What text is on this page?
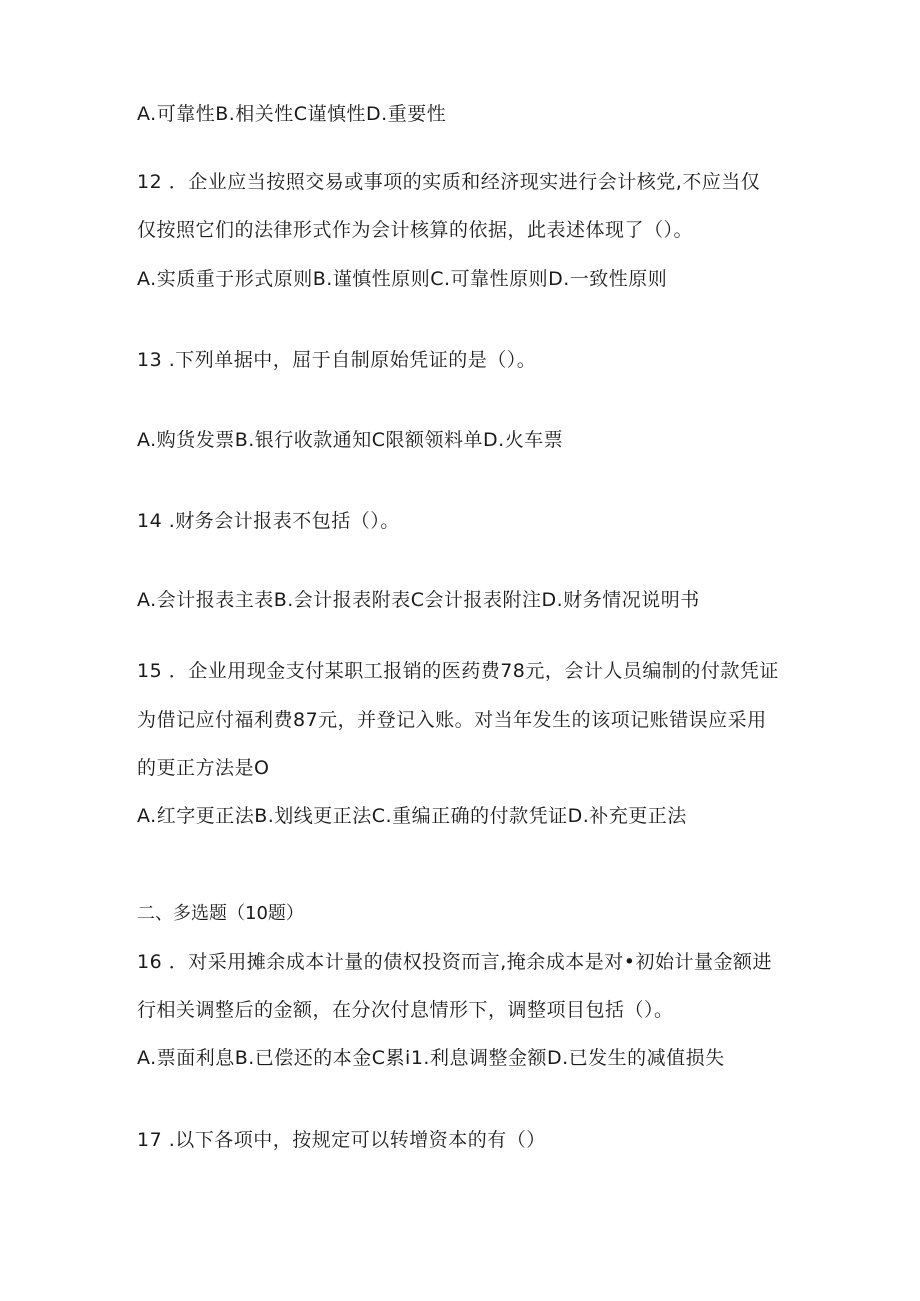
A.可靠性B.相关性C谨慎性D.重要性
12 ．企业应当按照交易或事项的实质和经济现实进行会计核党,不应当仅
仅按照它们的法律形式作为会计核算的依据，此表述体现了（）。
A.实质重于形式原则B.谨慎性原则C.可靠性原则D.一致性原则
13 .下列单据中，屈于自制原始凭证的是（）。
A.购货发票B.银行收款通知C限额领料单D.火车票
14 .财务会计报表不包括（）。
A.会计报表主表B.会计报表附表C会计报表附注D.财务情况说明书
15 ．企业用现金支付某职工报销的医药费78元，会计人员编制的付款凭证
为借记应付福利费87元，并登记入账。对当年发生的该项记账错误应采用
的更正方法是O
A.红字更正法B.划线更正法C.重编正确的付款凭证D.补充更正法
二、多选题（10题）
16 ．对采用摊余成本计量的债权投资而言,掩余成本是对•初始计量金额进
行相关调整后的金额，在分次付息情形下，调整项目包括（）。
A.票面利息B.已偿还的本金C累i1.利息调整金额D.已发生的减值损失
17 .以下各项中，按规定可以转增资本的有（）
